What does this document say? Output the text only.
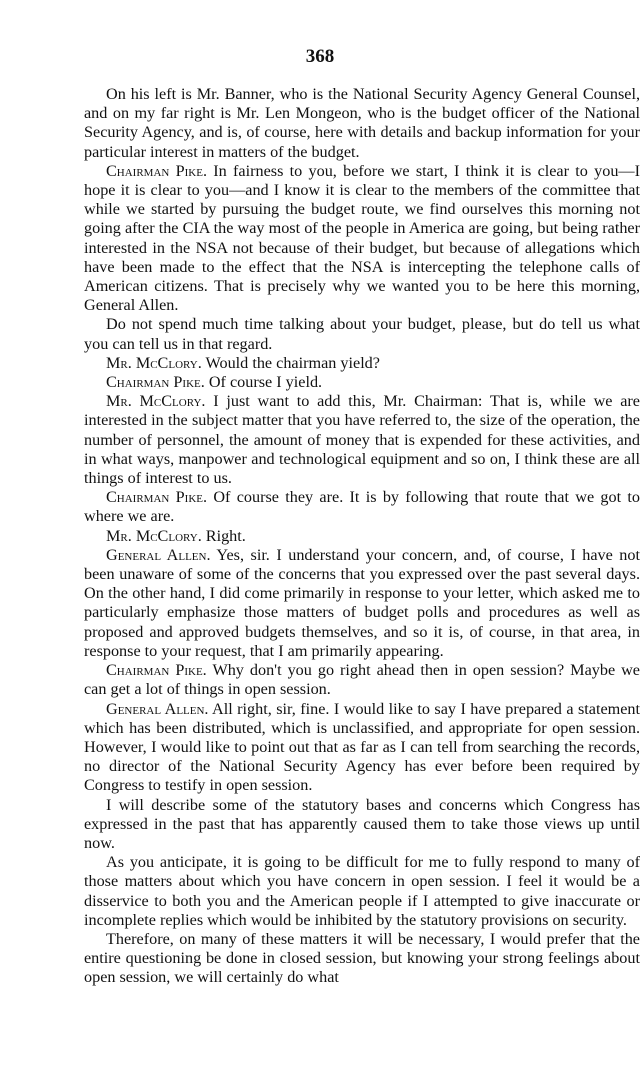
368

On his left is Mr. Banner, who is the National Security Agency General Counsel, and on my far right is Mr. Len Mongeon, who is the budget officer of the National Security Agency, and is, of course, here with details and backup information for your particular interest in matters of the budget.

Chairman Pike. In fairness to you, before we start, I think it is clear to you—I hope it is clear to you—and I know it is clear to the members of the committee that while we started by pursuing the budget route, we find ourselves this morning not going after the CIA the way most of the people in America are going, but being rather interested in the NSA not because of their budget, but because of allegations which have been made to the effect that the NSA is intercepting the telephone calls of American citizens. That is precisely why we wanted you to be here this morning, General Allen.

Do not spend much time talking about your budget, please, but do tell us what you can tell us in that regard.

Mr. McClory. Would the chairman yield?

Chairman Pike. Of course I yield.

Mr. McClory. I just want to add this, Mr. Chairman: That is, while we are interested in the subject matter that you have referred to, the size of the operation, the number of personnel, the amount of money that is expended for these activities, and in what ways, manpower and technological equipment and so on, I think these are all things of interest to us.

Chairman Pike. Of course they are. It is by following that route that we got to where we are.

Mr. McClory. Right.

General Allen. Yes, sir. I understand your concern, and, of course, I have not been unaware of some of the concerns that you expressed over the past several days. On the other hand, I did come primarily in response to your letter, which asked me to particularly emphasize those matters of budget polls and procedures as well as proposed and approved budgets themselves, and so it is, of course, in that area, in response to your request, that I am primarily appearing.

Chairman Pike. Why don't you go right ahead then in open session? Maybe we can get a lot of things in open session.

General Allen. All right, sir, fine. I would like to say I have prepared a statement which has been distributed, which is unclassified, and appropriate for open session. However, I would like to point out that as far as I can tell from searching the records, no director of the National Security Agency has ever before been required by Congress to testify in open session.

I will describe some of the statutory bases and concerns which Congress has expressed in the past that has apparently caused them to take those views up until now.

As you anticipate, it is going to be difficult for me to fully respond to many of those matters about which you have concern in open session. I feel it would be a disservice to both you and the American people if I attempted to give inaccurate or incomplete replies which would be inhibited by the statutory provisions on security.

Therefore, on many of these matters it will be necessary, I would prefer that the entire questioning be done in closed session, but knowing your strong feelings about open session, we will certainly do what
